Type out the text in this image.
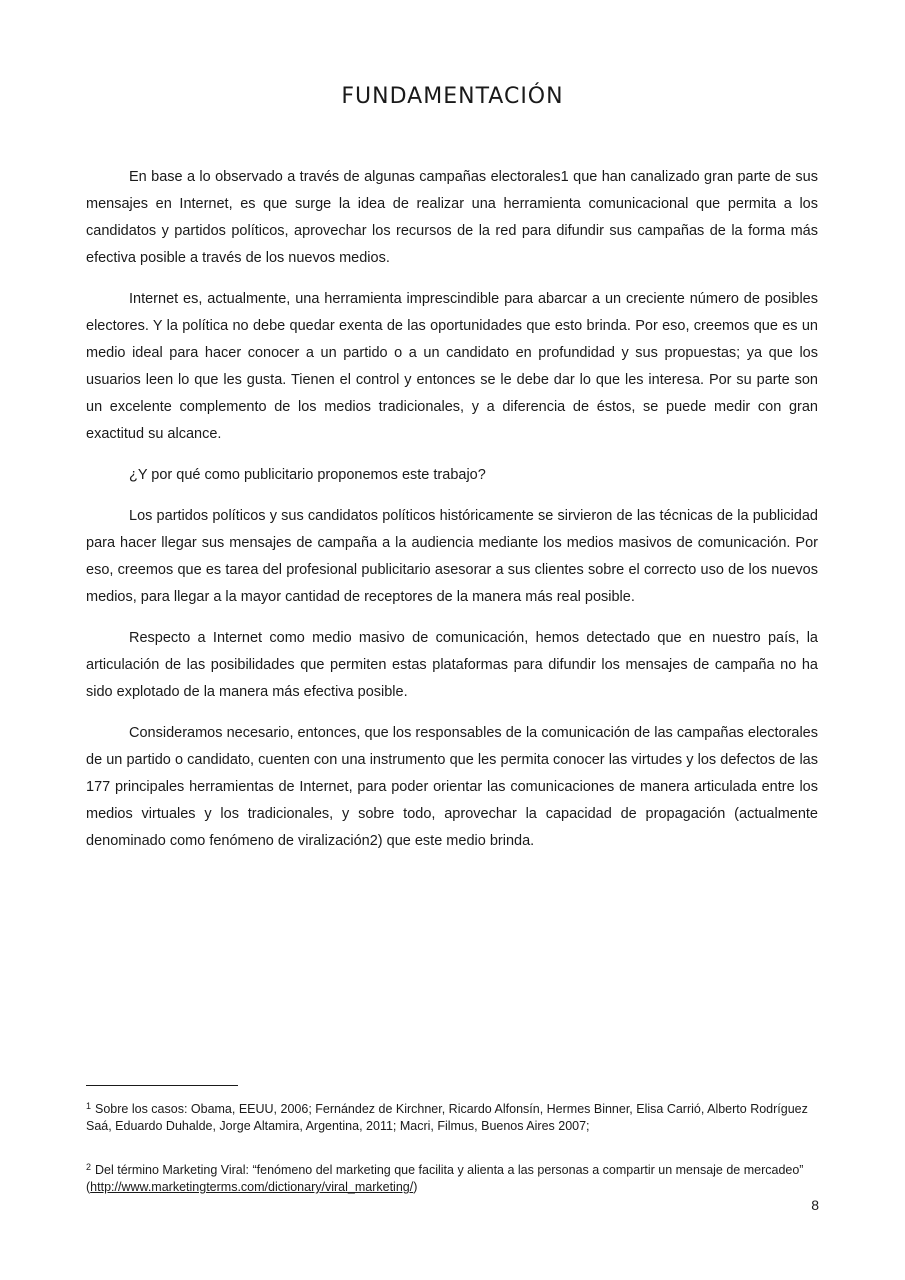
FUNDAMENTACIÓN

En base a lo observado a través de algunas campañas electorales1 que han canalizado gran parte de sus mensajes en Internet, es que surge la idea de realizar una herramienta comunicacional que permita a los candidatos y partidos políticos, aprovechar los recursos de la red para difundir sus campañas de la forma más efectiva posible a través de los nuevos medios.

Internet es, actualmente, una herramienta imprescindible para abarcar a un creciente número de posibles electores. Y la política no debe quedar exenta de las oportunidades que esto brinda. Por eso, creemos que es un medio ideal para hacer conocer a un partido o a un candidato en profundidad y sus propuestas; ya que los usuarios leen lo que les gusta. Tienen el control y entonces se le debe dar lo que les interesa. Por su parte son un excelente complemento de los medios tradicionales, y a diferencia de éstos, se puede medir con gran exactitud su alcance.

¿Y por qué como publicitario proponemos este trabajo?

Los partidos políticos y sus candidatos políticos históricamente se sirvieron de las técnicas de la publicidad para hacer llegar sus mensajes de campaña a la audiencia mediante los medios masivos de comunicación. Por eso, creemos que es tarea del profesional publicitario asesorar a sus clientes sobre el correcto uso de los nuevos medios, para llegar a la mayor cantidad de receptores de la manera más real posible.

Respecto a Internet como medio masivo de comunicación, hemos detectado que en nuestro país, la articulación de las posibilidades que permiten estas plataformas para difundir los mensajes de campaña no ha sido explotado de la manera más efectiva posible.

Consideramos necesario, entonces, que los responsables de la comunicación de las campañas electorales de un partido o candidato, cuenten con una instrumento que les permita conocer las virtudes y los defectos de las 177 principales herramientas de Internet, para poder orientar las comunicaciones de manera articulada entre los medios virtuales y los tradicionales, y sobre todo, aprovechar la capacidad de propagación (actualmente denominado como fenómeno de viralización2) que este medio brinda.

$^1$ Sobre los casos: Obama, EEUU, 2006; Fernández de Kirchner, Ricardo Alfonsín, Hermes Binner, Elisa Carrió, Alberto Rodríguez Saá, Eduardo Duhalde, Jorge Altamira, Argentina, 2011; Macri, Filmus, Buenos Aires 2007;

$^2$ Del término Marketing Viral: “fenómeno del marketing que facilita y alienta a las personas a compartir un mensaje de mercadeo” (http://www.marketingterms.com/dictionary/viral_marketing/)

8
